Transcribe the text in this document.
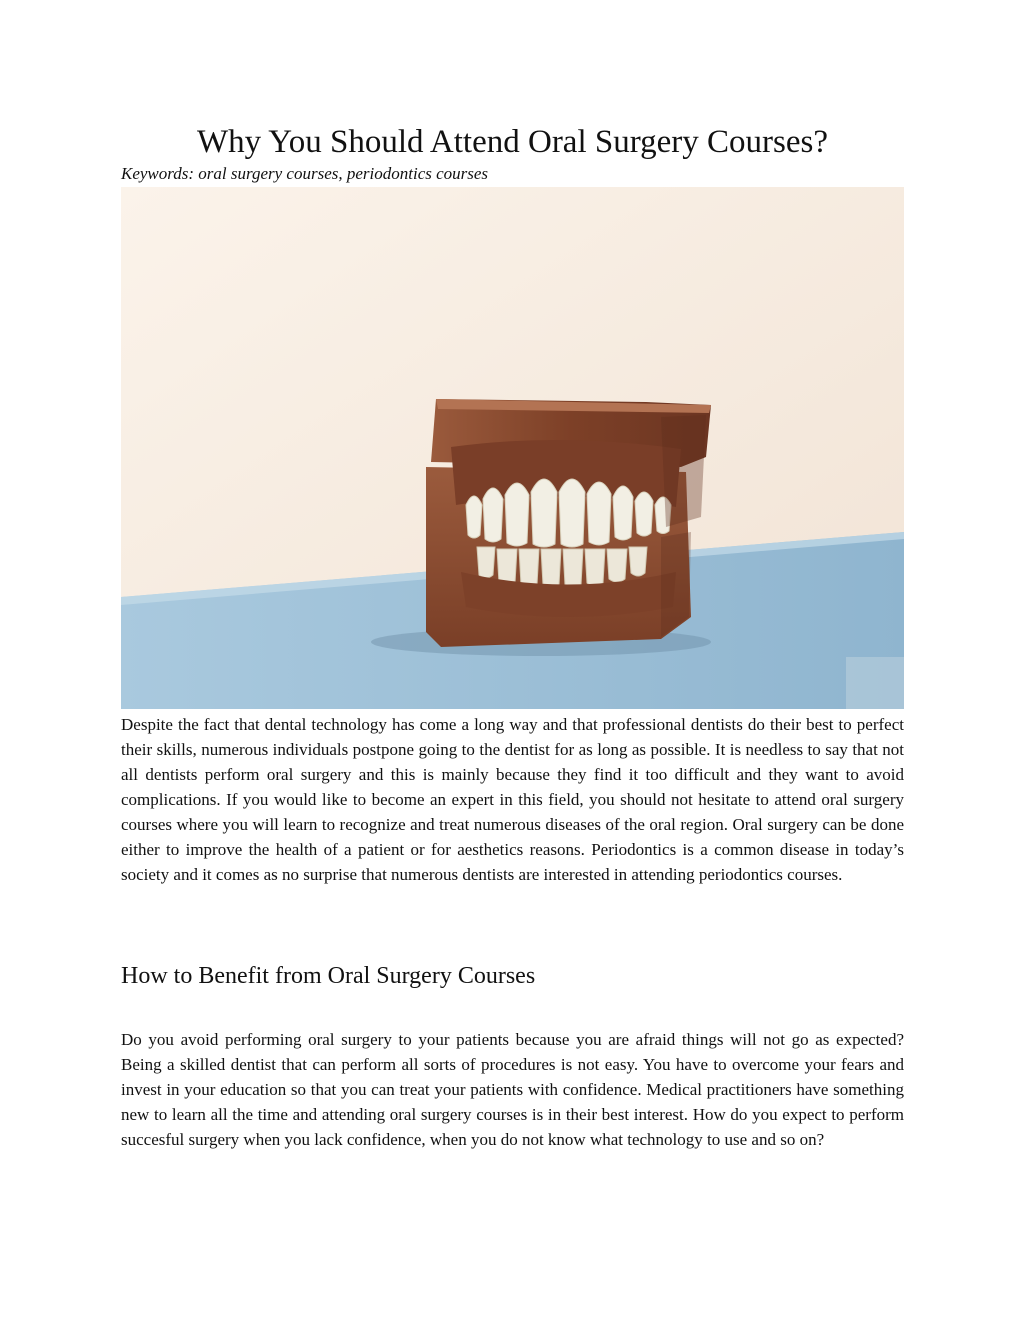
Why You Should Attend Oral Surgery Courses?

Keywords: oral surgery courses, periodontics courses

Despite the fact that dental technology has come a long way and that professional dentists do their best to perfect their skills, numerous individuals postpone going to the dentist for as long as possible. It is needless to say that not all dentists perform oral surgery and this is mainly because they find it too difficult and they want to avoid complications. If you would like to become an expert in this field, you should not hesitate to attend oral surgery courses where you will learn to recognize and treat numerous diseases of the oral region. Oral surgery can be done either to improve the health of a patient or for aesthetics reasons. Periodontics is a common disease in today’s society and it comes as no surprise that numerous dentists are interested in attending periodontics courses.

How to Benefit from Oral Surgery Courses

Do you avoid performing oral surgery to your patients because you are afraid things will not go as expected? Being a skilled dentist that can perform all sorts of procedures is not easy. You have to overcome your fears and invest in your education so that you can treat your patients with confidence. Medical practitioners have something new to learn all the time and attending oral surgery courses is in their best interest. How do you expect to perform succesful surgery when you lack confidence, when you do not know what technology to use and so on?
